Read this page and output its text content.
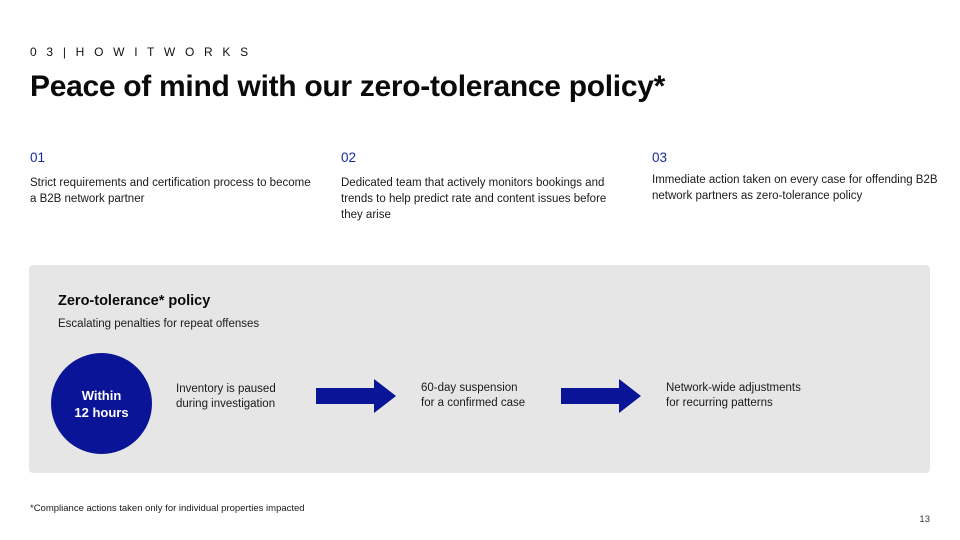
0 3 | H O W I T W O R K S
Peace of mind with our zero-tolerance policy*
01
Strict requirements and certification process to become a B2B network partner
02
Dedicated team that actively monitors bookings and trends to help predict rate and content issues before they arise
03
Immediate action taken on every case for offending B2B network partners as zero-tolerance policy
Zero-tolerance* policy
Escalating penalties for repeat offenses
Within
12 hours
Inventory is paused
during investigation
60-day suspension
for a confirmed case
Network-wide adjustments
for recurring patterns
*Compliance actions taken only for individual properties impacted
13
